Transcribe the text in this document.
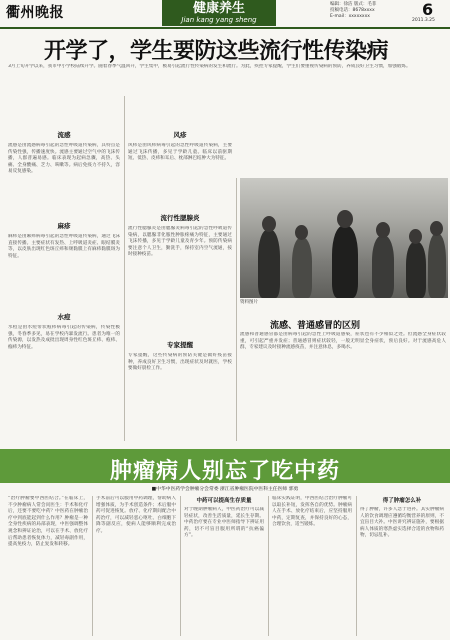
衢州晚报	健康养生
Jian kang yang sheng
编辑：徐洁 版式：毛菲
投稿电话：8678xxxx
E-mail：xxxxxxxx	6
2011.3.25
开学了，学生要防这些流行性传染病
3月上旬开学以来，我市中小学校陆续开学。随着春季气温回升，学生集中，极易引起流行性传染病的发生和流行。为此，疾控专家提醒，学生们要重视传染病的预防，养成良好卫生习惯，加强锻炼。
流感
流感是由流感病毒引起的急性呼吸道传染病，其特点是传染性强，传播速度快。流感主要通过空气中的飞沫传播，人群普遍易感。临床表现为起病急骤，高热、头痛、全身酸痛、乏力、咳嗽等。病后免疫力不持久，容易反复感染。
麻疹
麻疹是由麻疹病毒引起的急性呼吸道传染病，通过飞沫直接传播。主要症状有发热、上呼吸道炎症、眼结膜炎等，以皮肤出现红色斑丘疹和颊黏膜上有麻疹黏膜斑为特征。
水痘
水痘是由水痘带状疱疹病毒引起的传染病，传染性极强，冬春季多见，易在学校内暴发流行。患者为唯一的传染源，以发热及成批出现周身性红色斑丘疹、疱疹、痂疹为特征。
风疹
风疹是由风疹病毒引起的急性呼吸道传染病，主要通过飞沫传播，多见于学龄儿童。临床以前驱期短、低热、皮疹和耳后、枕部淋巴结肿大为特征。
流行性腮腺炎
流行性腮腺炎是由腮腺炎病毒引起的急性呼吸道传染病，以腮腺非化脓性肿胀疼痛为特征，主要通过飞沫传播，多见于学龄儿童及青少年。预防传染病要注意个人卫生，勤洗手，保持室内空气流通，按时接种疫苗。
专家提醒
专家提醒，这些传染病的预防关键是做好疫苗接种，养成良好卫生习惯，出现症状及时就医，学校要做好晨检工作。
资料图片
流感、普通感冒的区别
流感和普通感冒都是由病毒引起的急性上呼吸道感染，症状也有不少相似之处。但流感全身症状较重，可引起严重并发症；普通感冒则症状较轻，一般无明显全身症状，预后良好。对于流感高危人群，专家建议及时接种流感疫苗，并注意休息，多喝水。
肿瘤病人别忘了吃中药
■中华中医药学会肿瘤分会常委 浙江省肿瘤医院中医科主任医师 郭勇
“治疗肿瘤要中西医结合。”在临床上，不少肿瘤病人常会问医生：手术和化疗后，还要不要吃中药？中医药在肿瘤治疗中到底能起到什么作用？肿瘤是一种全身性疾病的局部表现，中医强调整体观念和辨证论治，可以在手术、放化疗后帮助患者恢复体力，减轻毒副作用，提高免疫力，防止复发和转移。
手术前后可以服用中药调理，帮助病人增强体质，为手术创造条件；术后服中药可促进恢复。放疗、化疗期间配合中药治疗，可以减轻恶心呕吐、白细胞下降等副反应，使病人能够顺利完成治疗。
中药可以提高生存质量
对于晚期肿瘤病人，中医药治疗可以减轻症状，改善生活质量，延长生存期。中药治疗要在专业中医师指导下辨证用药，切不可盲目服用所谓的“抗癌偏方”。
临床实践证明，中西医结合治疗肿瘤可以取长补短，发挥各自的优势。肿瘤病人在手术、放化疗结束后，应坚持服用中药，定期复查，并保持良好的心态，合理饮食，适当锻炼。
得了肿瘤怎么补
得了肿瘤，许多人急于进补。其实肿瘤病人的饮食调理应遵循均衡营养的原则，不宜盲目大补。中医讲究辨证施补，要根据病人体质的寒热虚实选择合适的食物和药物，切忌乱补。
